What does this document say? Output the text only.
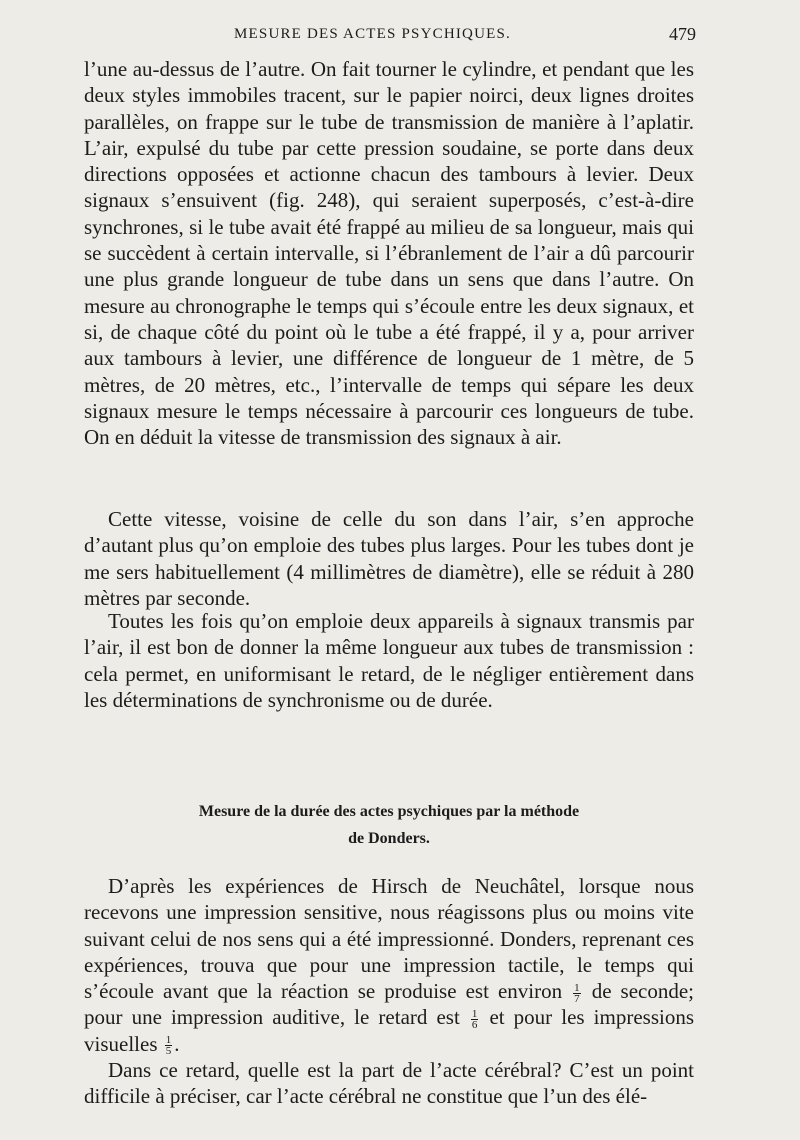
MESURE DES ACTES PSYCHIQUES.	479

l’une au-dessus de l’autre. On fait tourner le cylindre, et pendant que les deux styles immobiles tracent, sur le papier noirci, deux lignes droites parallèles, on frappe sur le tube de transmission de manière à l’aplatir. L’air, expulsé du tube par cette pression soudaine, se porte dans deux directions opposées et actionne chacun des tambours à levier. Deux signaux s’ensuivent (fig. 248), qui seraient superposés, c’est-à-dire synchrones, si le tube avait été frappé au milieu de sa longueur, mais qui se succèdent à certain intervalle, si l’ébranlement de l’air a dû parcourir une plus grande longueur de tube dans un sens que dans l’autre. On mesure au chronographe le temps qui s’écoule entre les deux signaux, et si, de chaque côté du point où le tube a été frappé, il y a, pour arriver aux tambours à levier, une différence de longueur de 1 mètre, de 5 mètres, de 20 mètres, etc., l’intervalle de temps qui sépare les deux signaux mesure le temps nécessaire à parcourir ces longueurs de tube. On en déduit la vitesse de transmission des signaux à air.

Cette vitesse, voisine de celle du son dans l’air, s’en approche d’autant plus qu’on emploie des tubes plus larges. Pour les tubes dont je me sers habituellement (4 millimètres de diamètre), elle se réduit à 280 mètres par seconde.

Toutes les fois qu’on emploie deux appareils à signaux transmis par l’air, il est bon de donner la même longueur aux tubes de transmission : cela permet, en uniformisant le retard, de le négliger entièrement dans les déterminations de synchronisme ou de durée.

Mesure de la durée des actes psychiques par la méthode
de Donders.

D’après les expériences de Hirsch de Neuchâtel, lorsque nous recevons une impression sensitive, nous réagissons plus ou moins vite suivant celui de nos sens qui a été impressionné. Donders, reprenant ces expériences, trouva que pour une impression tactile, le temps qui s’écoule avant que la réaction se produise est environ $\frac{1}{7}$ de seconde; pour une impression auditive, le retard est $\frac{1}{6}$ et pour les impressions visuelles $\frac{1}{5}$ .

Dans ce retard, quelle est la part de l’acte cérébral? C’est un point difficile à préciser, car l’acte cérébral ne constitue que l’un des élé-
